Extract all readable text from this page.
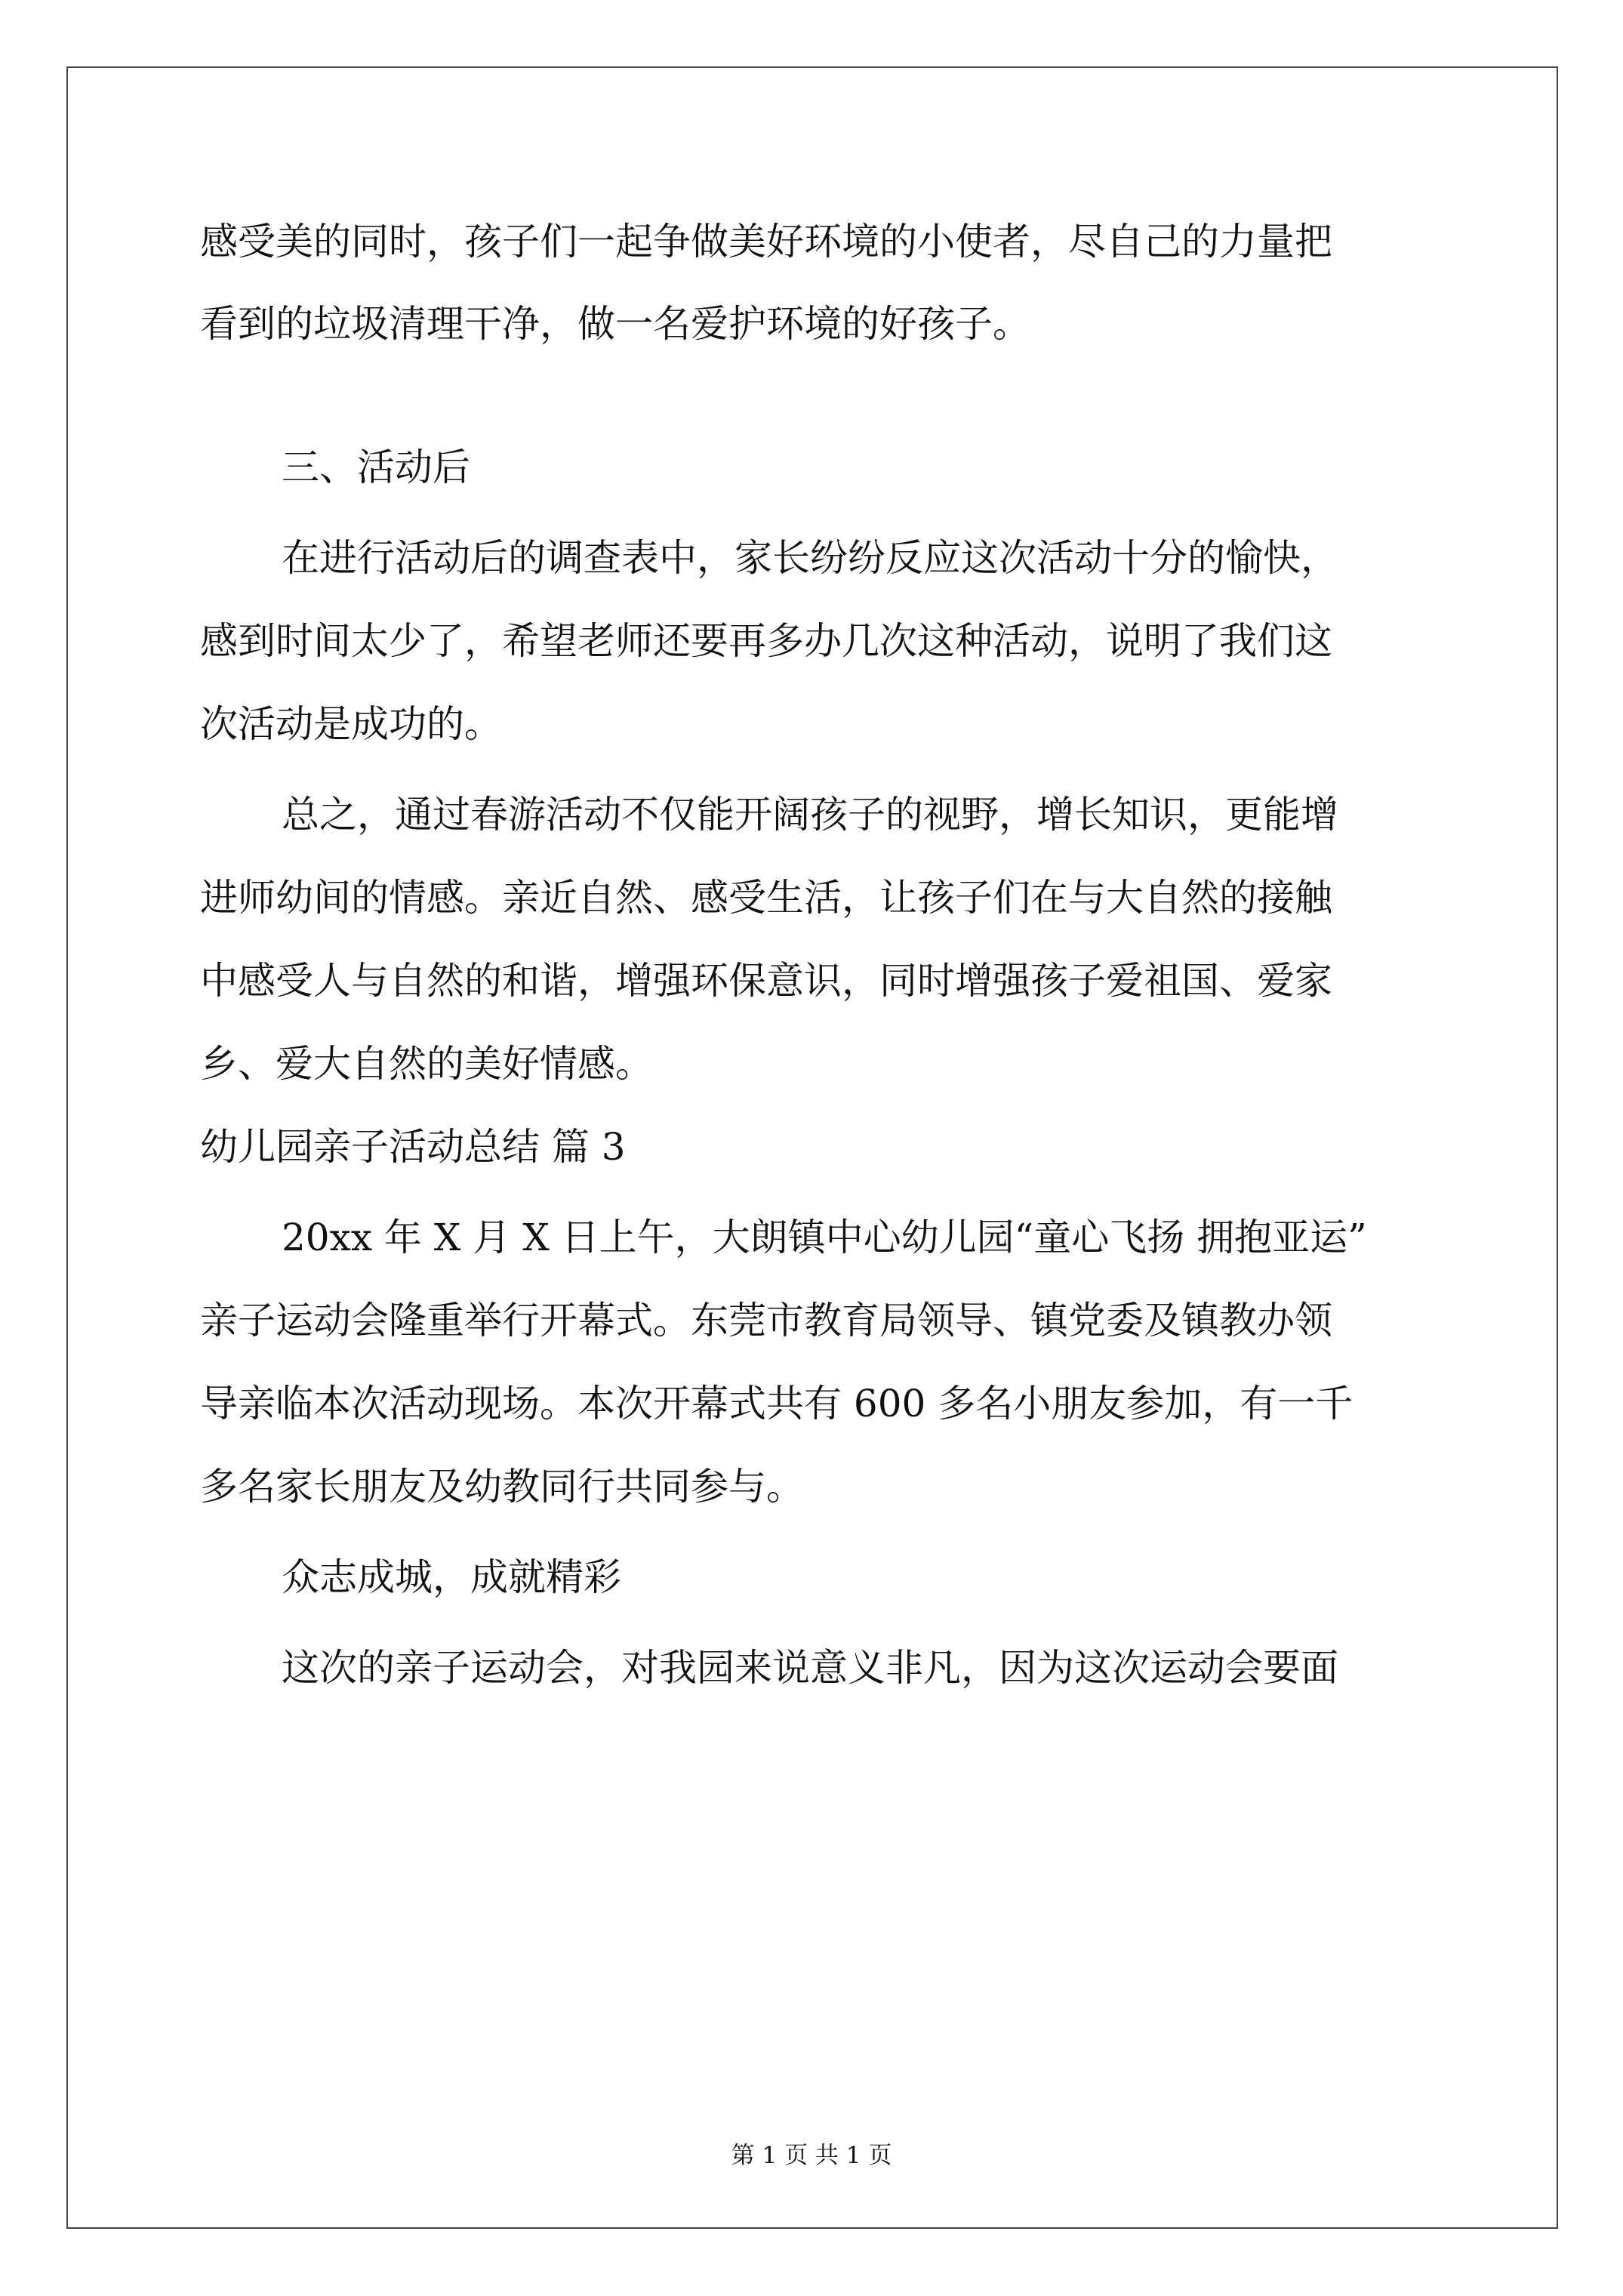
感受美的同时，孩子们一起争做美好环境的小使者，尽自己的力量把
看到的垃圾清理干净，做一名爱护环境的好孩子。
三、活动后
在进行活动后的调查表中，家长纷纷反应这次活动十分的愉快，
感到时间太少了，希望老师还要再多办几次这种活动，说明了我们这
次活动是成功的。
总之，通过春游活动不仅能开阔孩子的视野，增长知识，更能增
进师幼间的情感。亲近自然、感受生活，让孩子们在与大自然的接触
中感受人与自然的和谐，增强环保意识，同时增强孩子爱祖国、爱家
乡、爱大自然的美好情感。
幼儿园亲子活动总结 篇 3
20xx 年 X 月 X 日上午，大朗镇中心幼儿园“童心飞扬 拥抱亚运”
亲子运动会隆重举行开幕式。东莞市教育局领导、镇党委及镇教办领
导亲临本次活动现场。本次开幕式共有 600 多名小朋友参加，有一千
多名家长朋友及幼教同行共同参与。
众志成城，成就精彩
这次的亲子运动会，对我园来说意义非凡，因为这次运动会要面
第 1 页 共 1 页
